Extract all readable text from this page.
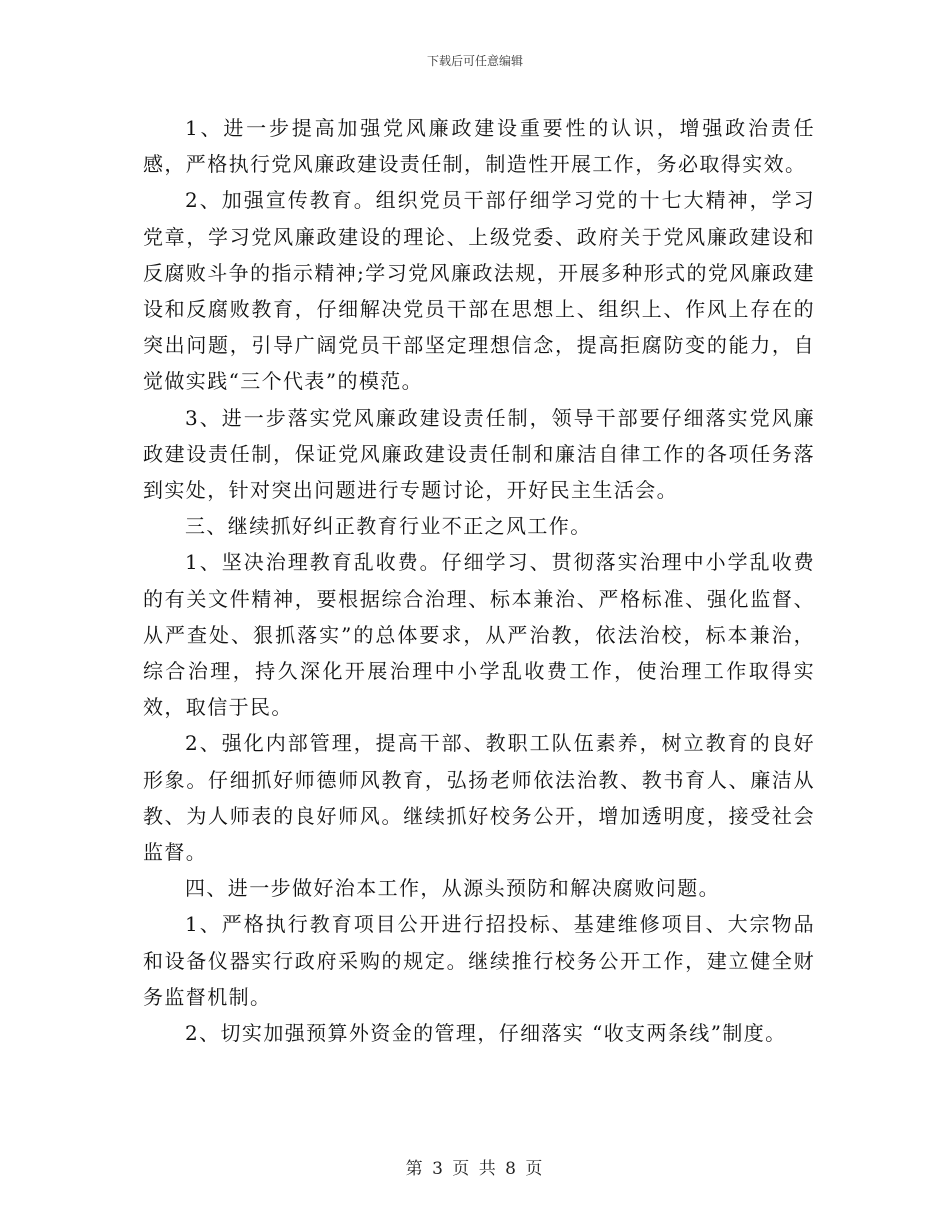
下载后可任意编辑

1、进一步提高加强党风廉政建设重要性的认识，增强政治责任感，严格执行党风廉政建设责任制，制造性开展工作，务必取得实效。

2、加强宣传教育。组织党员干部仔细学习党的十七大精神，学习党章，学习党风廉政建设的理论、上级党委、政府关于党风廉政建设和反腐败斗争的指示精神;学习党风廉政法规，开展多种形式的党风廉政建设和反腐败教育，仔细解决党员干部在思想上、组织上、作风上存在的突出问题，引导广阔党员干部坚定理想信念，提高拒腐防变的能力，自觉做实践“三个代表”的模范。

3、进一步落实党风廉政建设责任制，领导干部要仔细落实党风廉政建设责任制，保证党风廉政建设责任制和廉洁自律工作的各项任务落到实处，针对突出问题进行专题讨论，开好民主生活会。

三、继续抓好纠正教育行业不正之风工作。

1、坚决治理教育乱收费。仔细学习、贯彻落实治理中小学乱收费的有关文件精神，要根据综合治理、标本兼治、严格标准、强化监督、从严查处、狠抓落实”的总体要求，从严治教，依法治校，标本兼治，综合治理，持久深化开展治理中小学乱收费工作，使治理工作取得实效，取信于民。

2、强化内部管理，提高干部、教职工队伍素养，树立教育的良好形象。仔细抓好师德师风教育，弘扬老师依法治教、教书育人、廉洁从教、为人师表的良好师风。继续抓好校务公开，增加透明度，接受社会监督。

四、进一步做好治本工作，从源头预防和解决腐败问题。

1、严格执行教育项目公开进行招投标、基建维修项目、大宗物品和设备仪器实行政府采购的规定。继续推行校务公开工作，建立健全财务监督机制。

2、切实加强预算外资金的管理，仔细落实 “收支两条线”制度。

第 3 页 共 8 页
